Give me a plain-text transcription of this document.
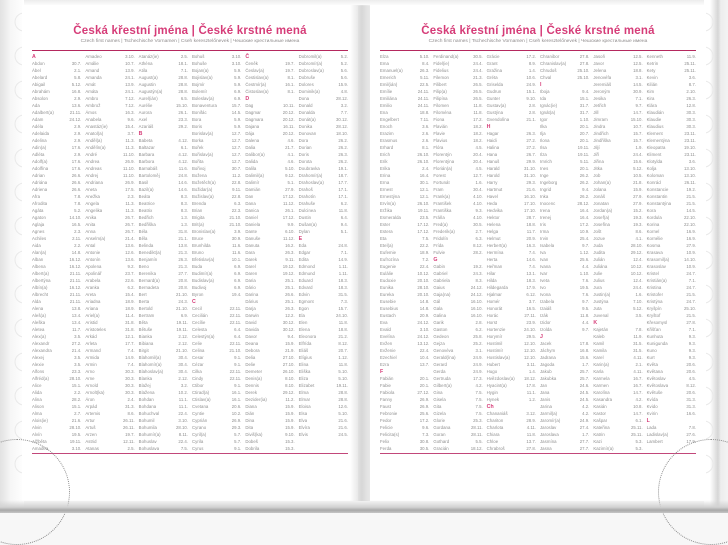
Česká křestní jména | České krstné mená
Czech first names | Tschechische Vornamen | Cseh keresztelőnevek | Чешские крестильные имена
A
Abdon	30.7.
Ábel	2.1.
Abelard	5.8.
Abigail	5.12.
Abrahám	16.8.
Absolon	2.9.
Ada	13.6.
Adalbert(a) 21.11.
Adam	24.12.
Adéla	2.9.
Adelaida	2.9.
Adelina	2.9.
Adin(a)	17.6.
Adléta	2.9.
Adolf(a)	17.6.
Adolfína	17.6.
Adrian	26.6.
Adriána	26.6.
Adriena	26.6.
Afra	7.8.
Afrodita	7.8.
Agáta	5.2.
Agaton	14.10.
Aglaja	16.5.
Agnes	2.3.
Achiles	2.11.
Aida	2.2.
Alan(a)	14.8.
Alban	16.12.
Albena	16.12.
Albert(a) 21.11.
Albertýna 21.11.
Albín(a)	16.12.
Albrecht	21.11.
Alda	21.11.
Alena	13.8.
Aleš(a)	13.4.
Aleška	13.4.
Aletea	11.7.
Alex(a)	3.5.
Alexandr	27.2.
Alexandra 21.4.
Alexej	3.5.
Alexie	3.5.
Alfons	23.3.
Alfréd(a) 28.10.
Alice	15.1.
Alida	2.2.
Alina	28.2.
Alison	15.1.
Alma	2.7.
Alois(ie)	21.6.
Alvin	28.10.
Alvín	19.5.
Alžběta	19.11.
Amadea	3.10.
Amadeo	3.10.
Amálie	10.7.
Amand	13.9.
Amanda	24.1.
Amát	13.9.
Amáta	24.1.
Ambro	7.12.
Ambrož	7.12.
Ámos	16.3.
Anabela	9.6.
Anastáz(ie) 15.4.
Anatol(a)	3.7.
Anděl(a)	11.3.
Andělín(a) 11.3.
André	11.10.
Andrea	26.9.
Andreas 11.10.
Andrej	11.10.
Andriana	26.9.
Aneta	17.5.
Anežka	2.3.
Angela	11.3.
Angelika	11.3.
Anika	26.7.
Anita	26.7.
Anna	26.7.
Anselm(a) 21.4.
Antal	13.6.
Antonie	12.6.
Antonín	13.6.
Apolena	9.2.
Apolinář	23.7.
Arabela	22.6.
Aranka	6.2.
Areta	15.4.
Ariadna	18.9.
Ariana	18.9.
Ariel(a)	11.4.
Aristid	31.8.
Aristoteles 31.8.
Arkád	12.1.
Arleta	17.7.
Armand	7.4.
Armida	14.9.
Armin	7.4.
Arno	30.3.
Arne	30.3.
Arnold	30.3.
Arnolt(ka) 30.3.
Áron	2.4.
Arpád	31.3.
Artemis	8.6.
Artur	26.11.
Artuš	26.11.
Arzen	19.7.
Astrid	12.11.
Atanas	2.5.
Atanáz(ie)	2.5.
Athéna	18.1.
Atila	7.1.
August(a) 28.8.
Augustin	28.8.
Augustýn(a) 28.8.
Aurel(ián)	6.5.
Aurélie	15.10.
Aurora	26.1.
Axel	23.3.
Azariáš	29.2.
B
Babeta	4.12.
Baltazar	6.1.
Barbara	4.12.
Barbora	4.12.
Barnabáš 11.6.
Bartoloměj 24.8.
Basil	14.6.
Bazil(a)	14.6.
Beáta	8.3.
Beatrice	8.3.
Beatrix	8.3.
Bedřich	1.3.
Bedřiška	1.3.
Béla	31.8.
Běla	21.1.
Belinda	13.8.
Benedikt(a) 21.3.
Benjamín 26.3.
Beno	21.3.
Berenika	27.7.
Bernard(a) 20.8.
Bernadeta 20.8.
Bert	21.10.
Berta	24.3.
Bertold	21.10.
Bertram	6.9.
Běta	19.11.
Bětuše	19.11.
Bianka	2.12.
Bibiana	2.12.
Birgit	21.10.
Blahomil(a) 30.4.
Blahomír(a) 30.4.
Blahoslav(a) 30.4.
Blanka	2.12.
Blažej	3.2.
Blažena	10.2.
Bohdan	11.1.
Bohdana	11.1.
Bohuchval 22.4.
Bohumil	3.10.
Bohumila 28.10.
Bohumír(a) 8.11.
Bohuslav	22.4.
Bohuslava	7.5.
Bohuš	3.10.
Bohuše	3.10.
Bojan(a)	5.9.
Bojislav(a)	5.9.
Bojmír	5.9.
Bolemír	6.9.
Boleslav(a) 6.9.
Bonaventura 15.7.
Bonifác	14.5.
Bora	5.9.
Boris	5.9.
Borislav(a) 12.7.
Borka	12.7.
Bořek	12.7.
Bořislav(a) 12.7.
Bořita	12.7.
Bořivoj	30.7.
Božena	11.2.
Božetěch(a) 22.8.
Božidar(a) 9.11.
Božislav(a) 22.8.
Brenda	6.3.
Brian	22.3.
Brigita	21.10.
Brit(a)	21.10.
Bronislav(a) 3.9.
Bruce	30.9.
Brunhilda 11.6.
Bruno	11.6.
Břetislav(a) 10.1.
Buda	6.9.
Budimír(a)	6.9.
Budislav(a) 6.9.
Budivoj	6.9.
Byron	19.4.
C
Cecil	22.11.
Cecilián	22.11.
Cecílie	22.11.
Celesta	6.4.
Celestýn(a) 6.4.
Celie	22.11.
Celina	21.10.
Cesar	9.1.
Cézar	9.1.
Cilka	22.11.
Cindy	22.11.
Ctibor	9.1.
Ctirad(a)	16.1.
Ctislav(a) 16.1.
Cvetana	20.6.
Cyntie	10.2.
Cyprián	26.9.
Cyrano	29.3.
Cyril(a)	5.7.
Cyrila	5.7.
Cyrus	9.1.
Č
Čeněk	19.7.
Česlav(a) 19.7.
Čestislav(a) 8.1.
Čestmír(a) 16.1.
Čistoslav(a) 8.1.
D
Dag	10.11.
Dagmar	20.12.
Dagmara 20.12.
Dajana	16.11.
Dája	20.12.
Dalena	4.6.
Dalia	21.7.
Dalibor(a)	4.1.
Dalida	4.6.
Dalila	5.10.
Dalimil(a) 9.12.
Dalimír	5.1.
Damián	27.9.
Dan	17.12.
Dana	11.12.
Danica	26.1.
Daniel	17.12.
Daniela	9.9.
Dante	6.10.
Danuše	11.12.
Danuta	16.2.
Dara	26.3.
Darek	9.11.
Darel	19.12.
Daren	19.12.
Daria	25.1.
Dário	25.1.
Darina	26.6.
Dárius	25.1.
Darja	26.3.
Darwin	12.2.
David	30.12.
Davida	30.12.
Davor	9.4.
Deana	15.9.
Debora	21.9.
Delia	27.10.
Delie	27.10.
Demeter 26.10.
Denis(a)	8.10.
Dennis	8.10.
Derek	29.12.
Dezider(ia) 11.2.
Diana	15.9.
Dián	15.9.
Dina	15.9.
Dita	15.9.
Diviš(ka)	9.10.
Dobeš	15.3.
Dobrila	15.3.
Dobromil(a) 5.2.
Dobromír(a) 5.2.
Dobroslav(a) 5.6.
Dobruše	5.6.
Dolores	15.9.
Dominik(a) 4.8.
Dona	28.12.
Donald	3.2.
Donalda	7.7.
Donát(a) 30.12.
Donika	28.12.
Donovan 18.10.
Dora	26.2.
Dorian	26.2.
Doris	26.3.
Dorota	26.2.
Doubravka 19.1.
Drahomír(a) 18.7.
Drahoslav(a) 17.7.
Drahoš	17.1.
Drahotín	17.1.
Drahuše	6.2.
Dulcinea	11.8.
Dustin	6.4.
Dušan(a)	9.4.
Dylan	5.1.
E
Eda	24.8.
Edgar	7.1.
Edita	14.9.
Edmond	1.11.
Edmund	1.11.
Eduard	18.3.
Edvard	18.3.
Edvin	31.5.
Egmont	7.3.
Egon	15.7.
Ela	24.10.
Elen	11.8.
Elena	18.8.
Eleonora	21.2.
Elfrída	8.12.
Eliáš	20.7.
Elígius	1.12.
Elina	11.8.
Eliška	5.10.
Eliza	5.10.
Elizabet	19.11.
Elma	28.8.
Elmar	28.8.
Eloisa	12.6.
Elsa	5.10.
Elva	21.6.
Elvíra	21.6.
Elvis	24.5.
Česká křestní jména | České krstné mená
Czech first names | Tschechische Vornamen | Cseh keresztelőnevek | Чешские крестильные имена
Elza	5.10.
Ema	8.4.
Emanuel(a) 26.3.
Emerich	5.11.
Emil(ián)	22.5.
Emílie	24.11.
Emiliána 24.11.
Emilio	24.11.
Ena	18.8.
Engelbert 7.11.
Enoch	3.6.
Erazim	2.6.
Erasmus	2.6.
Erhard	8.1.
Erich	26.10.
Erik	26.10.
Erika	2.4.
Erina	16.4.
Erna	30.1.
Ernest	12.1.
Ernestýna 12.1.
Ervín(a)	26.10.
Eržika	19.11.
Esmeralda 23.5.
Ester	17.12.
Estera	17.12.
Eta	7.5.
Etel(a)	22.2.
Eufemie	18.9.
Eufrozína	7.2.
Eugenie	22.4.
Eulálie	10.12.
Eudoxie 20.10.
Eunika	28.10.
Eureka	20.10.
Eusebie	14.8.
Eusebius	14.8.
Eustach	20.9.
Eva	24.12.
Evald	3.10.
Evelína	24.12.
Evžen	13.12.
Evženie	22.4.
Ezechiel	10.4.
Ezra	13.7.
F
Fabián	20.1.
Fabie	20.1.
Fabiola	27.12.
Fanny	26.9.
Faust	26.9.
Febronie	25.6.
Fedor	17.2.
Felicie	9.6.
Felicita(s)	7.3.
Felix	30.8.
Ferda	30.5.
Ferdinand(a) 30.5.
Fidel(ie)	24.4.
Fidelius	24.4.
Filemon	21.3.
Filibert	26.5.
Filip(a)	26.5.
Filipína	26.5.
Filomen	11.8.
Filoména	11.8.
Fiona	17.2.
Flavián	18.2.
Flavie	18.2.
Flavius	18.2.
Flóra	4.5.
Florentýn 20.4.
Florentýna 20.4.
Florián(a)	4.5.
Forest	12.7.
Fortunát	1.6.
Fram	30.4.
Frank(a)	4.10.
František	4.10.
Františka	9.3.
Fráňa	4.10.
Fred(a)	30.5.
Frederik(a) 2.7.
Fridolín	6.3.
Frída	8.12.
Fulvie	28.2.
G
Gabin	19.2.
Gabriel	24.3.
Gabriela	8.3.
Gaius	24.12.
Gaja(na) 24.12.
Gál	16.10.
Gala	16.10.
Galina	16.10.
Garik	2.8.
Gaston	6.2.
Gedeon	25.8.
Gejza	25.2.
Genovéva	3.1.
Gerald(ína) 24.9.
Gerard	24.9.
Gerda	24.9.
Gertruda	17.3.
Gilbert(a)	4.2.
Gina	7.5.
Gisela	7.5.
Gita	7.5.
Gizela	7.5.
Glorie	25.3.
Gordana 28.11.
Goran	28.11.
Gothard	5.5.
Gracián	18.12.
Grácie	17.2.
Grant	8.9.
Gražina	1.4.
Gréta	10.6.
Griselda	24.9.
Gudrun	15.1.
Gunter	9.10.
Gustav(a)	2.8.
Gustýna	2.8.
Gvendolína 21.1.
H
Hagar	26.3.
Haidi	27.2.
Halina	27.2.
Hana	26.7.
Hanuš	29.9.
Harald	31.10.
Harold	31.10.
Harry	29.3.
Hartmut	21.6.
Havel	16.10.
Heda	17.10.
Hedvika	17.10.
Hektor	28.7.
Helena	18.8.
Helga	11.7.
Helmut	20.9.
Herbert(a) 16.3.
Hermína	7.4.
Herta	14.6.
Heřman	7.4.
Hilar	13.1.
Hilda	18.3.
Hildegarda 17.9.
Hjalmar	6.12.
Homér	3.7.
Honorát	16.5.
Horác	27.11.
Horst	23.9.
Hortenzie 24.10.
Horymír	29.5.
Hostimil	12.10.
Hostimír 12.10.
Hostislav(a) 12.10.
Hubert	3.11.
Hugo	1.4.
Hvězdoslav(a) 18.12.
Hyacint(a) 17.8.
Hygin	11.1.
Hynek	1.2.
Ch
Chananiáš 3.12.
Chariton	28.9.
Charlota	4.11.
Chiara	11.8.
Chloe	13.7.
Chrabroš	27.8.
Chranibor 27.8.
Chranislav(a) 27.8.
Chrudoš 25.10.
Chval	25.10.
I
Iboja	9.4.
Ida	15.1.
Ignác(ie)	31.7.
Ignát(a)	31.7.
Igor	1.10.
Ilka	20.1.
Ilja	20.7.
Ilona	20.1.
Ilsa	19.11.
Ilza	19.11.
Imrich	5.11.
Ines	20.1.
Inge	26.2.
Ingeborg	26.2.
Ingrid	9.4.
Inka	26.2.
Inocenc	28.12.
Irena	16.4.
Irenej	16.4.
Iris	17.2.
Irma	10.9.
Irvin	25.4.
Isabela	9.7.
Iva	1.12.
Ivan	25.6.
Ivana	4.4.
Ivar	1.10.
Iveta	7.6.
Ivo	19.5.
Ivona	7.6.
Izabela	9.7.
Izaiáš	9.5.
Izák	11.8.
Izidor	4.4.
Izolda	9.7.
J
Jacek	17.8.
Jáchym	16.8.
Jadrana	15.6.
Jagoda	1.7.
Jakub	25.7.
Jakubka	25.7.
Jan	24.6.
Jana	24.5.
Janis	24.5.
Jarina	4.2.
Jarmil(a)	4.2.
Jaromír(a) 24.9.
Jaroslav	27.4.
Jaroslava	1.7.
Jasmína	27.7.
Jasna	27.7.
Jasoň	12.5.
Javor	12.5.
Jelena	18.8.
Jenovéfa	3.1.
Jeremiáš	14.5.
Jeroným	30.9.
Jesika	7.1.
Jetřich	9.7.
Jill	14.7.
Jimram	15.10.
Jindra	10.7.
Jindřich	15.7.
Jindřiška	15.7.
Jiljí	1.9.
Jiří	24.4.
Jiřina	15.6.
Jitka	5.12.
Job	10.5.
Johan(a)	21.8.
Jolana	15.9.
Jonáš	27.9.
Jonatan	27.9.
Jordan(a) 15.2.
Josef(a)	19.3.
Josefína	19.3.
Jošt	8.6.
Jozue	4.1.
Juda	28.10.
Judita	29.12.
Julián	12.4.
Juliána	10.12.
Julie	10.12.
Julius	12.4.
Jura	24.4.
Justin(a)	1.6.
Justýna	7.10.
Juta	5.12.
Juvenal	3.5.
K
Kajetán	7.8.
Kaleb	11.9.
Kamil	31.5.
Kamila	31.5.
Karel	4.11.
Karin(a)	2.1.
Karla	4.11.
Karmela	16.7.
Karmen	16.7.
Karolína	14.7.
Kasandra	4.2.
Kasián	10.8.
Kastor	14.7.
Kašpar	6.1.
Kateřina 25.11.
Katrin	25.11.
Kazi	5.3.
Kazimír(a)	5.3.
Kenneth	11.9.
Ketrin	25.11.
Kety	25.11.
Kevin	3.6.
Kilián	8.7.
Kim	2.10.
Kira	26.3.
Klára	12.8.
Klaudián	30.3.
Klaudie	30.3.
Klaudius	30.3.
Klement	23.11.
Klementýna 23.11.
Kleopatra 19.10.
Kliment	23.11.
Klotylda	3.6.
Kolja	13.10.
Koloman 13.10.
Konrád	26.11.
Konstancie 19.2.
Konstantin 21.5.
Konstantýna 21.5.
Kora	14.5.
Kordula	22.10.
Korina	22.10.
Kornel	16.9.
Kornélie	16.9.
Kosma	27.9.
Krasava	10.9.
Krasomil(a) 14.10.
Krasoslav 10.9.
Kristel	24.7.
Kristián(a)	7.1.
Kristina	24.7.
Kristofer	21.5.
Kristýna	24.7.
Kryšpín	25.10.
Kryštof	21.5.
Křesomysl 27.8.
Křišťan	7.1.
Kunhuta	9.3.
Kunigunda 9.3.
Kuno	9.3.
Kurt	9.3.
Květa	20.6.
Květana	20.6.
Květoslav	4.5.
Květoslava 8.12.
Květuše	20.6.
Kvída	31.3.
Kvido	31.3.
Kvirin	16.6.
L
Lada	7.8.
Ladislav(a) 27.6.
Lambert	17.9.
